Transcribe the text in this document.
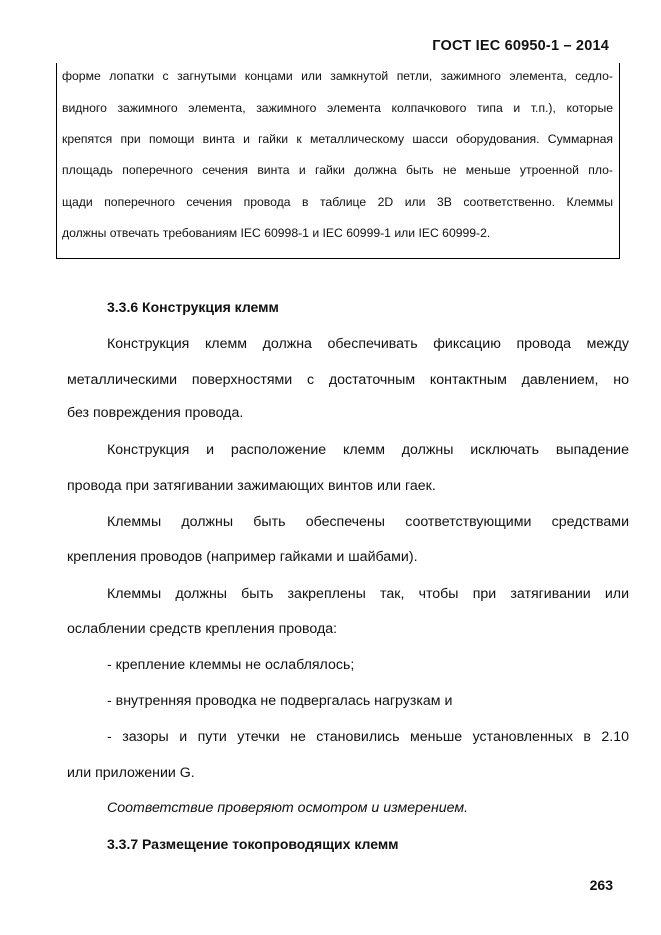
ГОСТ IEC 60950-1 – 2014
форме лопатки с загнутыми концами или замкнутой петли, зажимного элемента, седло-
видного зажимного элемента, зажимного элемента колпачкового типа и т.п.), которые
крепятся при помощи винта и гайки к металлическому шасси оборудования. Суммарная
площадь поперечного сечения винта и гайки должна быть не меньше утроенной пло-
щади поперечного сечения провода в таблице 2D или 3B соответственно. Клеммы
должны отвечать требованиям IEC 60998-1 и IEC 60999-1 или IEC 60999-2.
3.3.6 Конструкция клемм
Конструкция клемм должна обеспечивать фиксацию провода между
металлическими поверхностями с достаточным контактным давлением, но
без повреждения провода.
Конструкция и расположение клемм должны исключать выпадение
провода при затягивании зажимающих винтов или гаек.
Клеммы должны быть обеспечены соответствующими средствами
крепления проводов (например гайками и шайбами).
Клеммы должны быть закреплены так, чтобы при затягивании или
ослаблении средств крепления провода:
- крепление клеммы не ослаблялось;
- внутренняя проводка не подвергалась нагрузкам и
- зазоры и пути утечки не становились меньше установленных в 2.10
или приложении G.
Соответствие проверяют осмотром и измерением.
3.3.7 Размещение токопроводящих клемм
263
